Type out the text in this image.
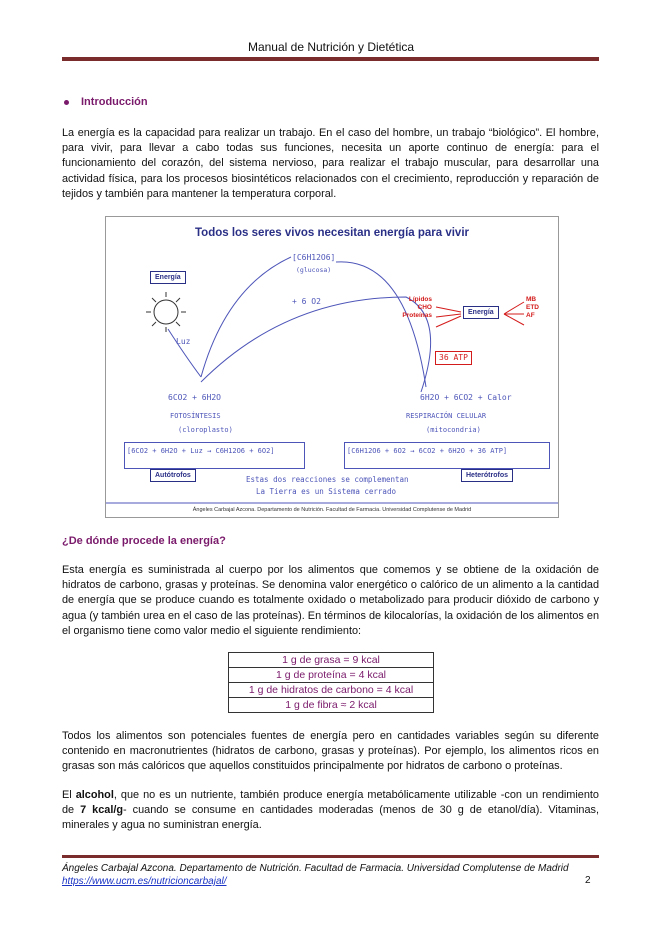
Manual de Nutrición y Dietética
Introducción
La energía es la capacidad para realizar un trabajo. En el caso del hombre, un trabajo “biológico”. El hombre, para vivir, para llevar a cabo todas sus funciones, necesita un aporte continuo de energía: para el funcionamiento del corazón, del sistema nervioso, para realizar el trabajo muscular, para desarrollar una actividad física, para los procesos biosintéticos relacionados con el crecimiento, reproducción y reparación de tejidos y también para mantener la temperatura corporal.
Todos los seres vivos necesitan energía para vivir
Energía
Luz
[C6H12O6]
(glucosa)
+ 6 O2	Lípidos
CHO
Proteínas	Energía
MB
ETD
AF
36 ATP
6CO2 + 6H2O
FOTOSÍNTESIS
(cloroplasto)
6H2O + 6CO2 + Calor
RESPIRACIÓN CELULAR
(mitocondria)
[6CO2 + 6H2O + Luz → C6H12O6 + 6O2]	[C6H12O6 + 6O2 → 6CO2 + 6H2O + 36 ATP]
Autótrofos	Heterótrofos
Estas dos reacciones se complementan
La Tierra es un Sistema cerrado
Ángeles Carbajal Azcona. Departamento de Nutrición. Facultad de Farmacia. Universidad Complutense de Madrid
¿De dónde procede la energía?
Esta energía es suministrada al cuerpo por los alimentos que comemos y se obtiene de la oxidación de hidratos de carbono, grasas y proteínas. Se denomina valor energético o calórico de un alimento a la cantidad de energía que se produce cuando es totalmente oxidado o metabolizado para producir dióxido de carbono y agua (y también urea en el caso de las proteínas). En términos de kilocalorías, la oxidación de los alimentos en el organismo tiene como valor medio el siguiente rendimiento:
1 g de grasa = 9 kcal
1 g de proteína = 4 kcal
1 g de hidratos de carbono = 4 kcal
1 g de fibra ≈ 2 kcal
Todos los alimentos son potenciales fuentes de energía pero en cantidades variables según su diferente contenido en macronutrientes (hidratos de carbono, grasas y proteínas). Por ejemplo, los alimentos ricos en grasas son más calóricos que aquellos constituidos principalmente por hidratos de carbono o proteínas.
El alcohol, que no es un nutriente, también produce energía metabólicamente utilizable -con un rendimiento de 7 kcal/g- cuando se consume en cantidades moderadas (menos de 30 g de etanol/día). Vitaminas, minerales y agua no suministran energía.
Ángeles Carbajal Azcona. Departamento de Nutrición. Facultad de Farmacia. Universidad Complutense de Madrid
https://www.ucm.es/nutricioncarbajal/	2
